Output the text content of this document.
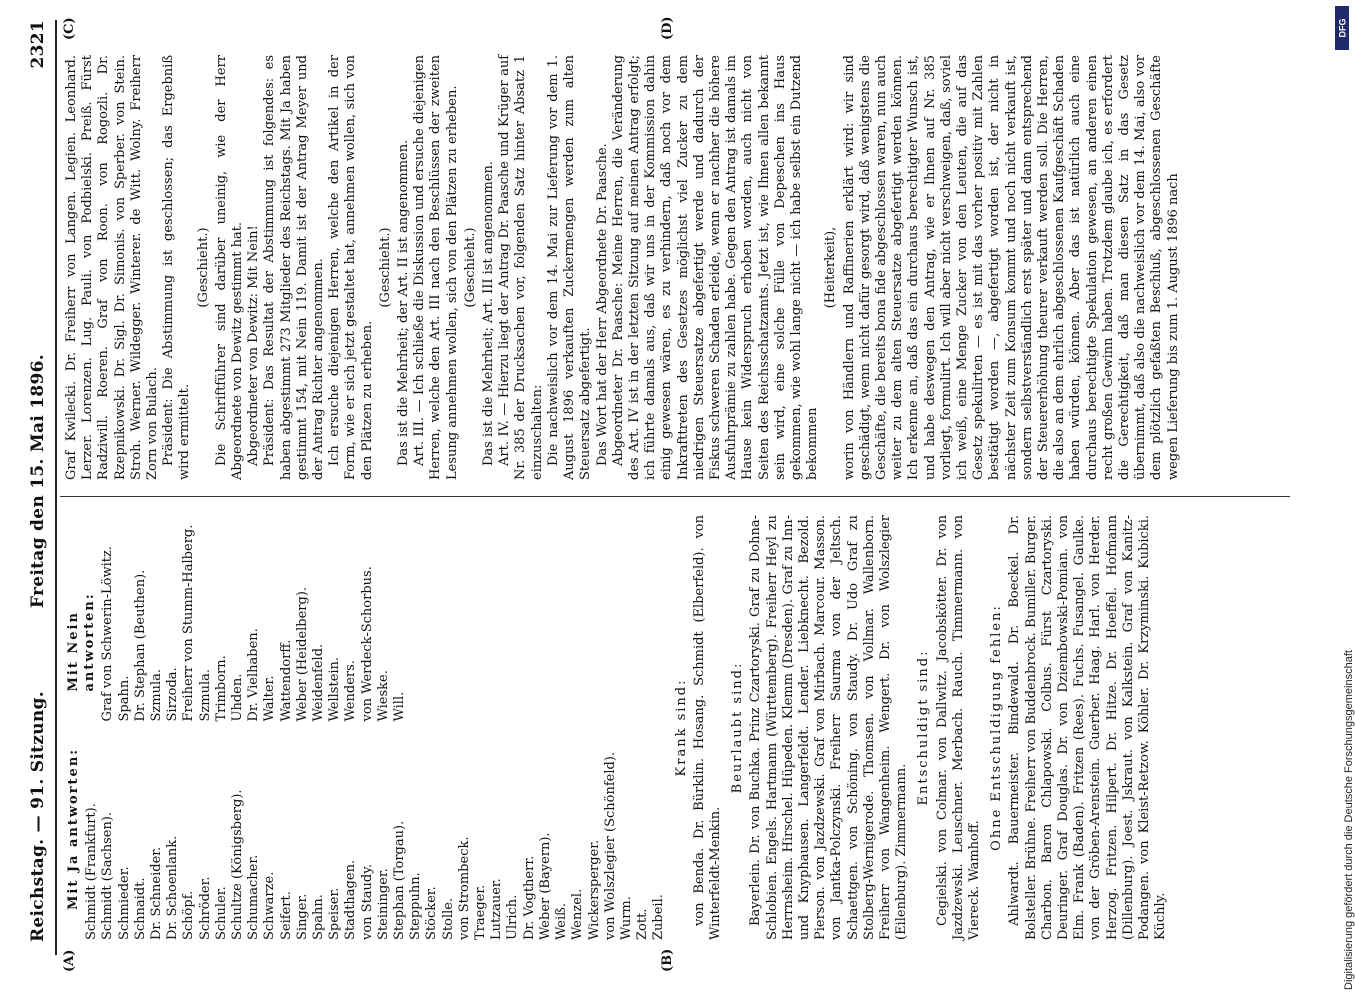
Reichstag. — 91. Sitzung.
Freitag den 15. Mai 1896.
2321
(A)	(B)
(C)	(D)
Mit Ja antworten: Schmidt (Frankfurt). Schmidt (Sachsen). Schmieder. Schnaidt. Dr. Schneider. Dr. Schoenlank. Schöpf. Schröder. Schuler. Schultze (Königsberg). Schumacher. Schwarze. Seifert. Singer. Spahn. Speiser. Stadthagen. von Staudy. Steininger. Stephan (Torgau). Steppuhn. Stöcker. Stolle. von Strombeck. Traeger. Lutzauer. Ulrich. Dr. Vogtherr. Weber (Bayern). Weiß. Wenzel. Wickersperger. von Wolszlegier (Schönfeld). Wurm. Zott. Zubeil.
Mit Nein antworten: Graf von Schwerin-Löwitz. Spahn. Dr. Stephan (Beuthen). Szmula. Sirzoda. Freiherr von Stumm-Halberg. Szmula. Trimborn. Uhden. Dr. Vielhaben. Walter. Wattendorff. Weber (Heidelberg). Weidenfeld. Wellstein. Wenders. von Werdeck-Schorbus. Wieske. Will.	Krank sind: von Benda. Dr. Bürklin. Hosang. Schmidt (Elberfeld). von Winterfeldt-Menkin.

Beurlaubt sind: Bayerlein. Dr. von Buchka. Prinz Czartoryski. Graf zu Dohna-Schlobien. Engels. Hartmann (Württemberg). Freiherr Heyl zu Herrnsheim. Hirschel. Hüpeden. Klemm (Dresden). Graf zu Inn- und Knyphausen. Langerfeldt. Lender. Liebknecht. Bezold. Pierson. von Jazdzewski. Graf von Mirbach. Marcour. Masson. von Jantka-Polczynski. Freiherr Saurma von der Jeltsch. Schaettgen. von Schöning. von Staudy. Dr. Udo Graf zu Stolberg-Wernigerode. Thomsen. von Vollmar. Wallenborn. Freiherr von Wangenheim. Wengert. Dr. von Wolszlegier (Eilenburg). Zimmermann.

Entschuldigt sind: Cegielski. von Colmar. von Dallwitz. Jacobskötter. Dr. von Jazdzewski. Leuschner. Merbach. Rauch. Timmermann. von Viereck. Wamhoff.

Ohne Entschuldigung fehlen: Ahlwardt. Bauermeister. Bindewald. Dr. Boeckel. Dr. Bolsteller. Brühne. Freiherr von Buddenbrock. Bumiller. Burger. Charbon. Baron Chlapowski. Colbus. Fürst Czartoryski. Deuringer. Graf Douglas. Dr. von Dziembowski-Pomian. von Elm. Frank (Baden). Fritzen (Rees). Fuchs. Fusangel. Gaulke. von der Gröben-Arenstein. Guerber. Haag. Harl. von Herder. Herzog. Fritzen. Hilpert. Dr. Hitze. Dr. Hoeffel. Hofmann (Dillenburg). Joest. Jskraut. von Kalkstein. Graf von Kanitz-Podangen. von Kleist-Retzow. Köhler. Dr. Krzyminski. Kubicki. Küchly.

Graf Kwilecki. Dr. Freiherr von Langen. Legien. Leonhard. Lerzer. Lorenzen. Lug. Pauli. von Podbielski. Preiß. Fürst Radziwill. Roeren. Graf von Roon. von Rogozli. Dr. Rzepnikowski. Dr. Sigl. Dr. Simonis. von Sperber. von Stein. Stroh. Werner. Wildegger. Winterer. de Witt. Wolny. Freiherr Zorn von Bulach. Präsident: Die Abstimmung ist geschlossen; das Ergebniß wird ermittelt.

(Geschieht.) Die Schriftführer sind darüber uneinig, wie der Herr Abgeordnete von Dewitz gestimmt hat. Abgeordneter von Dewitz: Mit Nein! Präsident: Das Resultat der Abstimmung ist folgendes: es haben abgestimmt 273 Mitglieder des Reichstags. Mit Ja haben gestimmt 154, mit Nein 119. Damit ist der Antrag Meyer und der Antrag Richter angenommen. Ich ersuche diejenigen Herren, welche den Artikel in der Form, wie er sich jetzt gestaltet hat, annehmen wollen, sich von den Plätzen zu erheben.

(Geschieht.) Das ist die Mehrheit; der Art. II ist angenommen. Art. III. — Ich schließe die Diskussion und ersuche diejenigen Herren, welche den Art. III nach den Beschlüssen der zweiten Lesung annehmen wollen, sich von den Plätzen zu erheben. (Geschieht.) Das ist die Mehrheit; Art. III ist angenommen. Art. IV. — Hierzu liegt der Antrag Dr. Paasche und Krüger auf Nr. 385 der Drucksachen vor, folgenden Satz hinter Absatz 1 einzuschalten: Die nachweislich vor dem 14. Mai zur Lieferung vor dem 1. August 1896 verkauften Zuckermengen werden zum alten Steuersatz abgefertigt. Das Wort hat der Herr Abgeordnete Dr. Paasche. Abgeordneter Dr. Paasche: Meine Herren, die Veränderung des Art. IV ist in der letzten Sitzung auf meinen Antrag erfolgt; ich führte damals aus, daß wir uns in der Kommission dahin einig gewesen wären, es zu verhindern, daß noch vor dem Inkrafttreten des Gesetzes möglichst viel Zucker zu dem niedrigen Steuersatze abgefertigt werde und dadurch der Fiskus schweren Schaden erleide, wenn er nachher die höhere Ausfuhrprämie zu zahlen habe. Gegen den Antrag ist damals im Hause kein Widerspruch erhoben worden, auch nicht von Seiten des Reichsschatzamts. Jetzt ist, wie Ihnen allen bekannt sein wird, eine solche Fülle von Depeschen ins Haus gekommen, wie wohl lange nicht — ich habe selbst ein Dutzend bekommen

(Heiterkeit), worin von Händlern und Raffinerien erklärt wird: wir sind geschädigt, wenn nicht dafür gesorgt wird, daß wenigstens die Geschäfte, die bereits bona fide abgeschlossen waren, nun auch weiter zu dem alten Steuersatze abgefertigt werden können. Ich erkenne an, daß das ein durchaus berechtigter Wunsch ist, und habe deswegen den Antrag, wie er Ihnen auf Nr. 385 vorliegt, formulirt. Ich will aber nicht verschweigen, daß, soviel ich weiß, eine Menge Zucker von den Leuten, die auf das Gesetz spekulirten — es ist mit das vorher positiv mit Zahlen bestätigt worden —, abgefertigt worden ist, der nicht in nächster Zeit zum Konsum kommt und noch nicht verkauft ist, sondern selbstverständlich erst später und dann entsprechend der Steuererhöhung theurer verkauft werden soll. Die Herren, die also an dem ehrlich abgeschlossenen Kaufgeschäft Schaden haben würden, können. Aber das ist natürlich auch eine durchaus berechtigte Spekulation gewesen, an anderen einen recht großen Gewinn haben. Trotzdem glaube ich, es erfordert die Gerechtigkeit, daß man diesen Satz in das Gesetz übernimmt, daß also die nachweislich vor dem 14. Mai, also vor dem plötzlich gefaßten Beschluß, abgeschlossenen Geschäfte wegen Lieferung bis zum 1. August 1896 nach

DFG
Digitalisierung gefördert durch die Deutsche Forschungsgemeinschaft
